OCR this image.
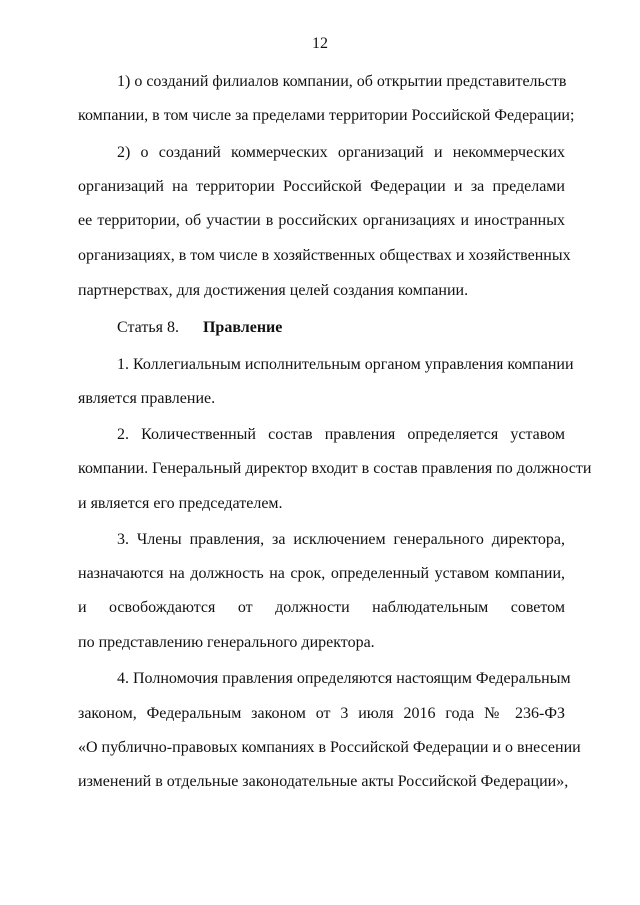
12
1) о созданий филиалов компании, об открытии представительств
компании, в том числе за пределами территории Российской Федерации;
2) о созданий коммерческих организаций и некоммерческих
организаций на территории Российской Федерации и за пределами
ее территории, об участии в российских организациях и иностранных
организациях, в том числе в хозяйственных обществах и хозяйственных
партнерствах, для достижения целей создания компании.
Статья 8. Правление
1. Коллегиальным исполнительным органом управления компании
является правление.
2. Количественный состав правления определяется уставом
компании. Генеральный директор входит в состав правления по должности
и является его председателем.
3. Члены правления, за исключением генерального директора,
назначаются на должность на срок, определенный уставом компании,
и освобождаются от должности наблюдательным советом
по представлению генерального директора.
4. Полномочия правления определяются настоящим Федеральным
законом, Федеральным законом от 3 июля 2016 года № 236-ФЗ
«О публично-правовых компаниях в Российской Федерации и о внесении
изменений в отдельные законодательные акты Российской Федерации»,
